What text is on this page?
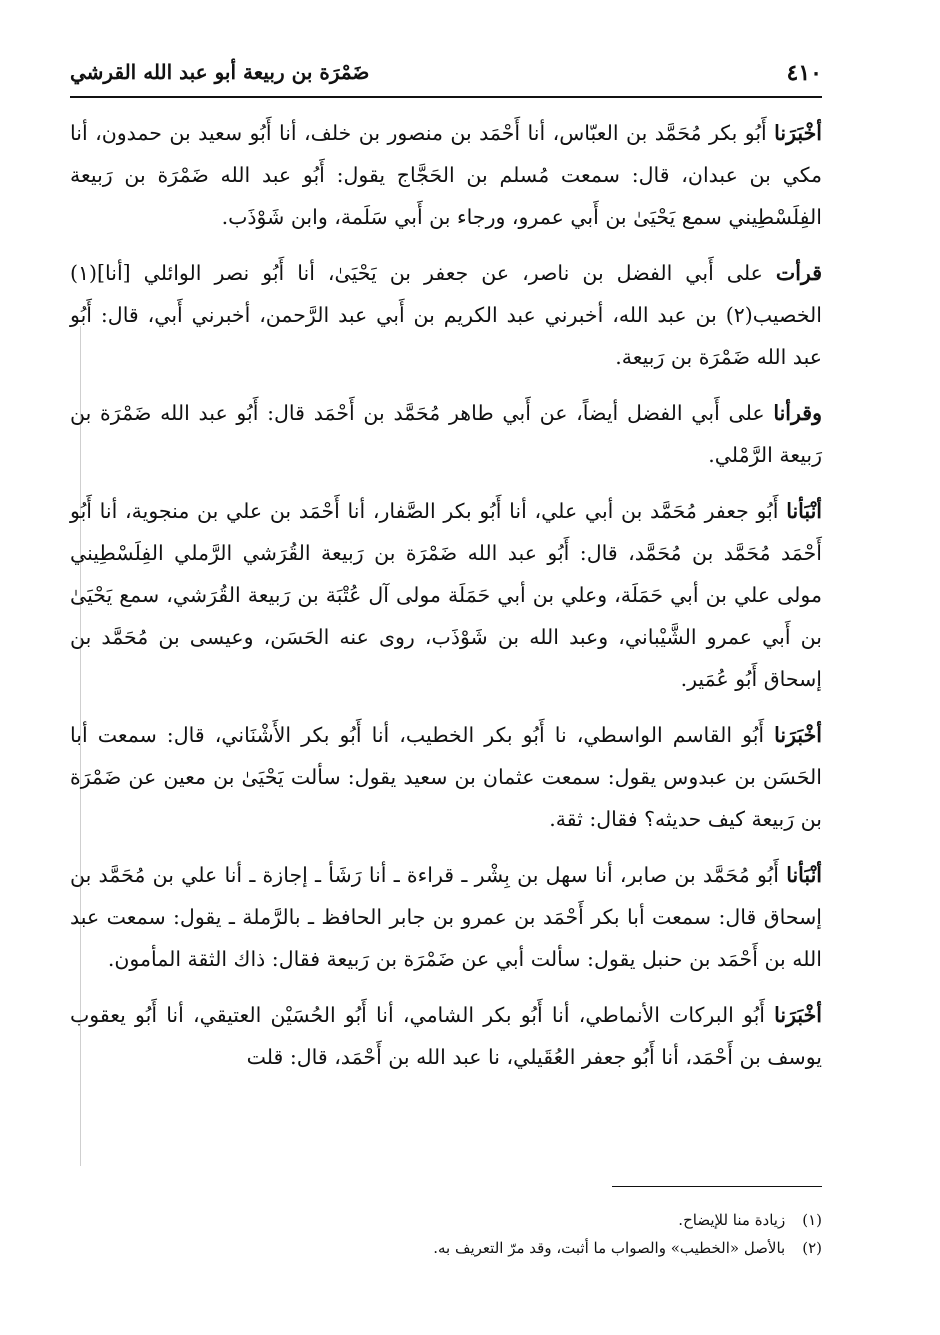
٤١٠
ضَمْرَة بن ربيعة أبو عبد الله القرشي

أخْبَرَنا أَبُو بكر مُحَمَّد بن العبّاس، أنا أَحْمَد بن منصور بن خلف، أنا أَبُو سعيد بن حمدون، أنا مكي بن عبدان، قال: سمعت مُسلم بن الحَجَّاج يقول: أَبُو عبد الله ضَمْرَة بن رَبيعة الفِلَسْطِيني سمع يَحْيَىٰ بن أَبي عمرو، ورجاء بن أَبي سَلَمة، وابن شَوْذَب.

قرأت على أَبي الفضل بن ناصر، عن جعفر بن يَحْيَىٰ، أنا أَبُو نصر الوائلي [أنا](١) الخصيب(٢) بن عبد الله، أخبرني عبد الكريم بن أَبي عبد الرَّحمن، أخبرني أَبي، قال: أَبُو عبد الله ضَمْرَة بن رَبيعة.

وقرأنا على أَبي الفضل أيضاً، عن أَبي طاهر مُحَمَّد بن أَحْمَد قال: أَبُو عبد الله ضَمْرَة بن رَبيعة الرَّمْلي.

أنْبَأنا أَبُو جعفر مُحَمَّد بن أبي علي، أنا أَبُو بكر الصَّفار، أنا أَحْمَد بن علي بن منجوية، أنا أَبُو أَحْمَد مُحَمَّد بن مُحَمَّد، قال: أَبُو عبد الله ضَمْرَة بن رَبيعة القُرَشي الرَّملي الفِلَسْطِيني مولى علي بن أبي حَمَلَة، وعلي بن أبي حَمَلَة مولى آل عُتْبَة بن رَبيعة القُرَشي، سمع يَحْيَىٰ بن أَبي عمرو الشَّيْباني، وعبد الله بن شَوْذَب، روى عنه الحَسَن، وعيسى بن مُحَمَّد بن إسحاق أَبُو عُمَير.

أخْبَرَنا أَبُو القاسم الواسطي، نا أَبُو بكر الخطيب، أنا أَبُو بكر الأَشْنَاني، قال: سمعت أبا الحَسَن بن عبدوس يقول: سمعت عثمان بن سعيد يقول: سألت يَحْيَىٰ بن معين عن ضَمْرَة بن رَبيعة كيف حديثه؟ فقال: ثقة.

أنْبَأنا أَبُو مُحَمَّد بن صابر، أنا سهل بن بِشْر ـ قراءة ـ أنا رَشَأ ـ إجازة ـ أنا علي بن مُحَمَّد بن إسحاق قال: سمعت أبا بكر أَحْمَد بن عمرو بن جابر الحافظ ـ بالرَّملة ـ يقول: سمعت عبد الله بن أَحْمَد بن حنبل يقول: سألت أبي عن ضَمْرَة بن رَبيعة فقال: ذاك الثقة المأمون.

أخْبَرَنا أَبُو البركات الأنماطي، أنا أَبُو بكر الشامي، أنا أَبُو الحُسَيْن العتيقي، أنا أَبُو يعقوب يوسف بن أَحْمَد، أنا أَبُو جعفر العُقَيلي، نا عبد الله بن أَحْمَد، قال: قلت

(١) زيادة منا للإيضاح.

(٢) بالأصل «الخطيب» والصواب ما أثبت، وقد مرّ التعريف به.
